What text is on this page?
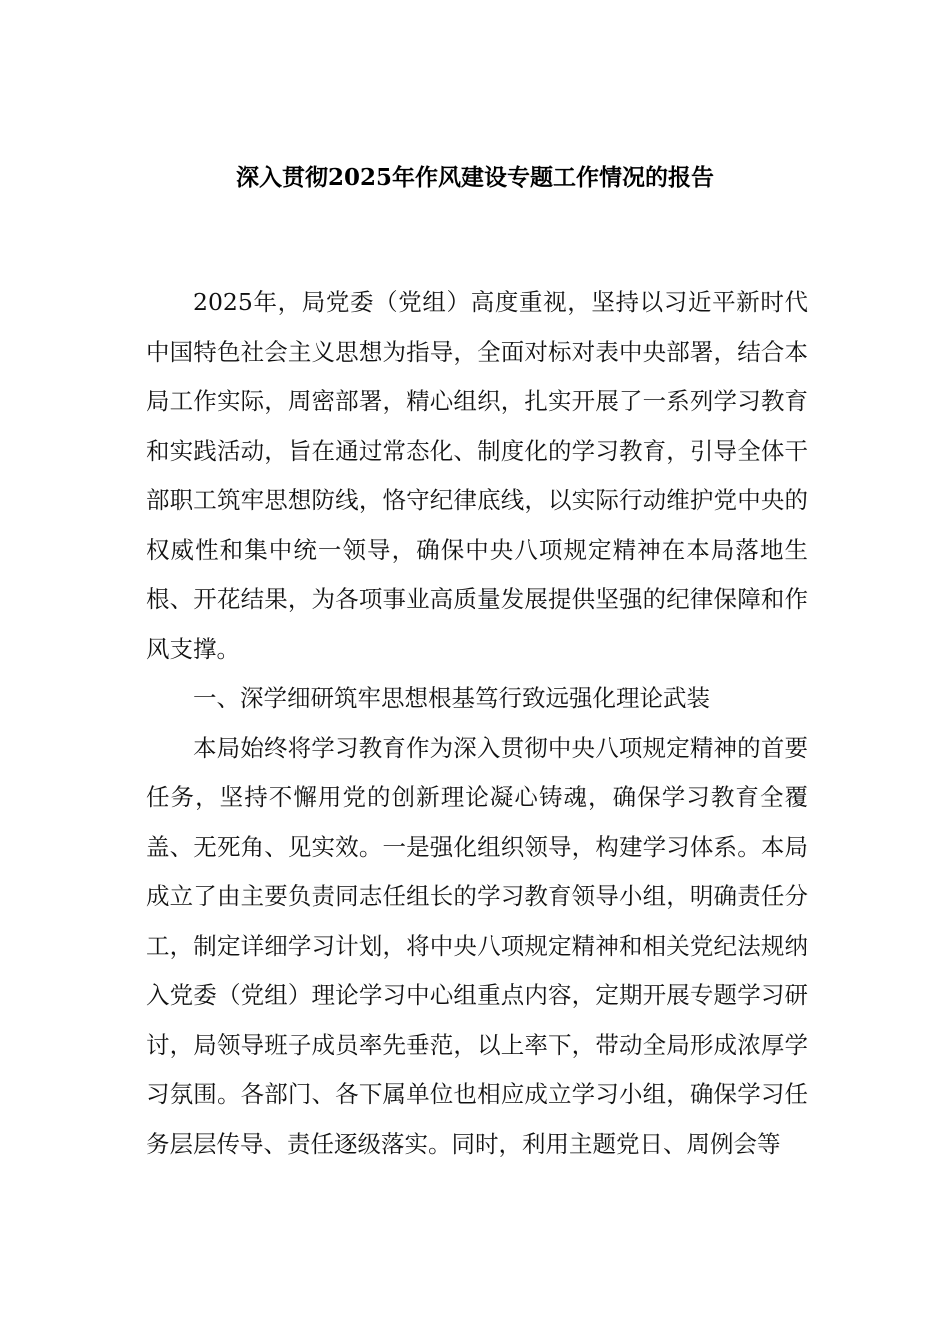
深入贯彻2025年作风建设专题工作情况的报告

2025年，局党委（党组）高度重视，坚持以习近平新时代中国特色社会主义思想为指导，全面对标对表中央部署，结合本局工作实际，周密部署，精心组织，扎实开展了一系列学习教育和实践活动，旨在通过常态化、制度化的学习教育，引导全体干部职工筑牢思想防线，恪守纪律底线，以实际行动维护党中央的权威性和集中统一领导，确保中央八项规定精神在本局落地生根、开花结果，为各项事业高质量发展提供坚强的纪律保障和作风支撑。

一、深学细研筑牢思想根基笃行致远强化理论武装

本局始终将学习教育作为深入贯彻中央八项规定精神的首要任务，坚持不懈用党的创新理论凝心铸魂，确保学习教育全覆盖、无死角、见实效。一是强化组织领导，构建学习体系。本局成立了由主要负责同志任组长的学习教育领导小组，明确责任分工，制定详细学习计划，将中央八项规定精神和相关党纪法规纳入党委（党组）理论学习中心组重点内容，定期开展专题学习研讨，局领导班子成员率先垂范，以上率下，带动全局形成浓厚学习氛围。各部门、各下属单位也相应成立学习小组，确保学习任务层层传导、责任逐级落实。同时，利用主题党日、周例会等
